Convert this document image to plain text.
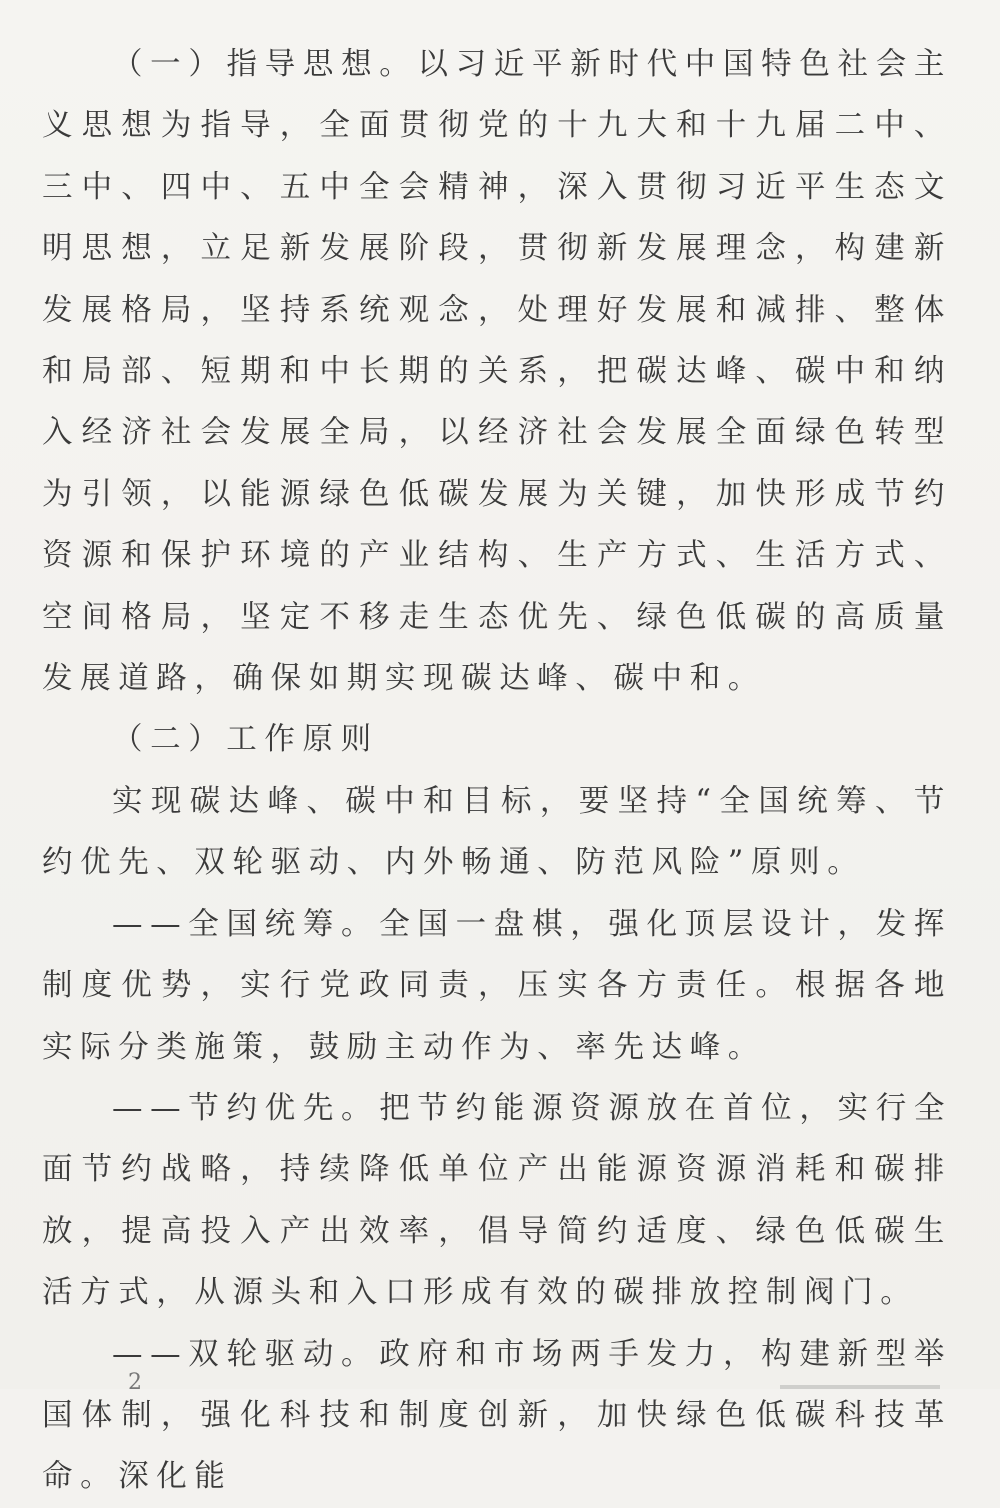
（一）指导思想。以习近平新时代中国特色社会主义思想为指导，全面贯彻党的十九大和十九届二中、三中、四中、五中全会精神，深入贯彻习近平生态文明思想，立足新发展阶段，贯彻新发展理念，构建新发展格局，坚持系统观念，处理好发展和减排、整体和局部、短期和中长期的关系，把碳达峰、碳中和纳入经济社会发展全局，以经济社会发展全面绿色转型为引领，以能源绿色低碳发展为关键，加快形成节约资源和保护环境的产业结构、生产方式、生活方式、空间格局，坚定不移走生态优先、绿色低碳的高质量发展道路，确保如期实现碳达峰、碳中和。

（二）工作原则

实现碳达峰、碳中和目标，要坚持“全国统筹、节约优先、双轮驱动、内外畅通、防范风险”原则。

——全国统筹。全国一盘棋，强化顶层设计，发挥制度优势，实行党政同责，压实各方责任。根据各地实际分类施策，鼓励主动作为、率先达峰。

——节约优先。把节约能源资源放在首位，实行全面节约战略，持续降低单位产出能源资源消耗和碳排放，提高投入产出效率，倡导简约适度、绿色低碳生活方式，从源头和入口形成有效的碳排放控制阀门。

——双轮驱动。政府和市场两手发力，构建新型举国体制，强化科技和制度创新，加快绿色低碳科技革命。深化能

2
